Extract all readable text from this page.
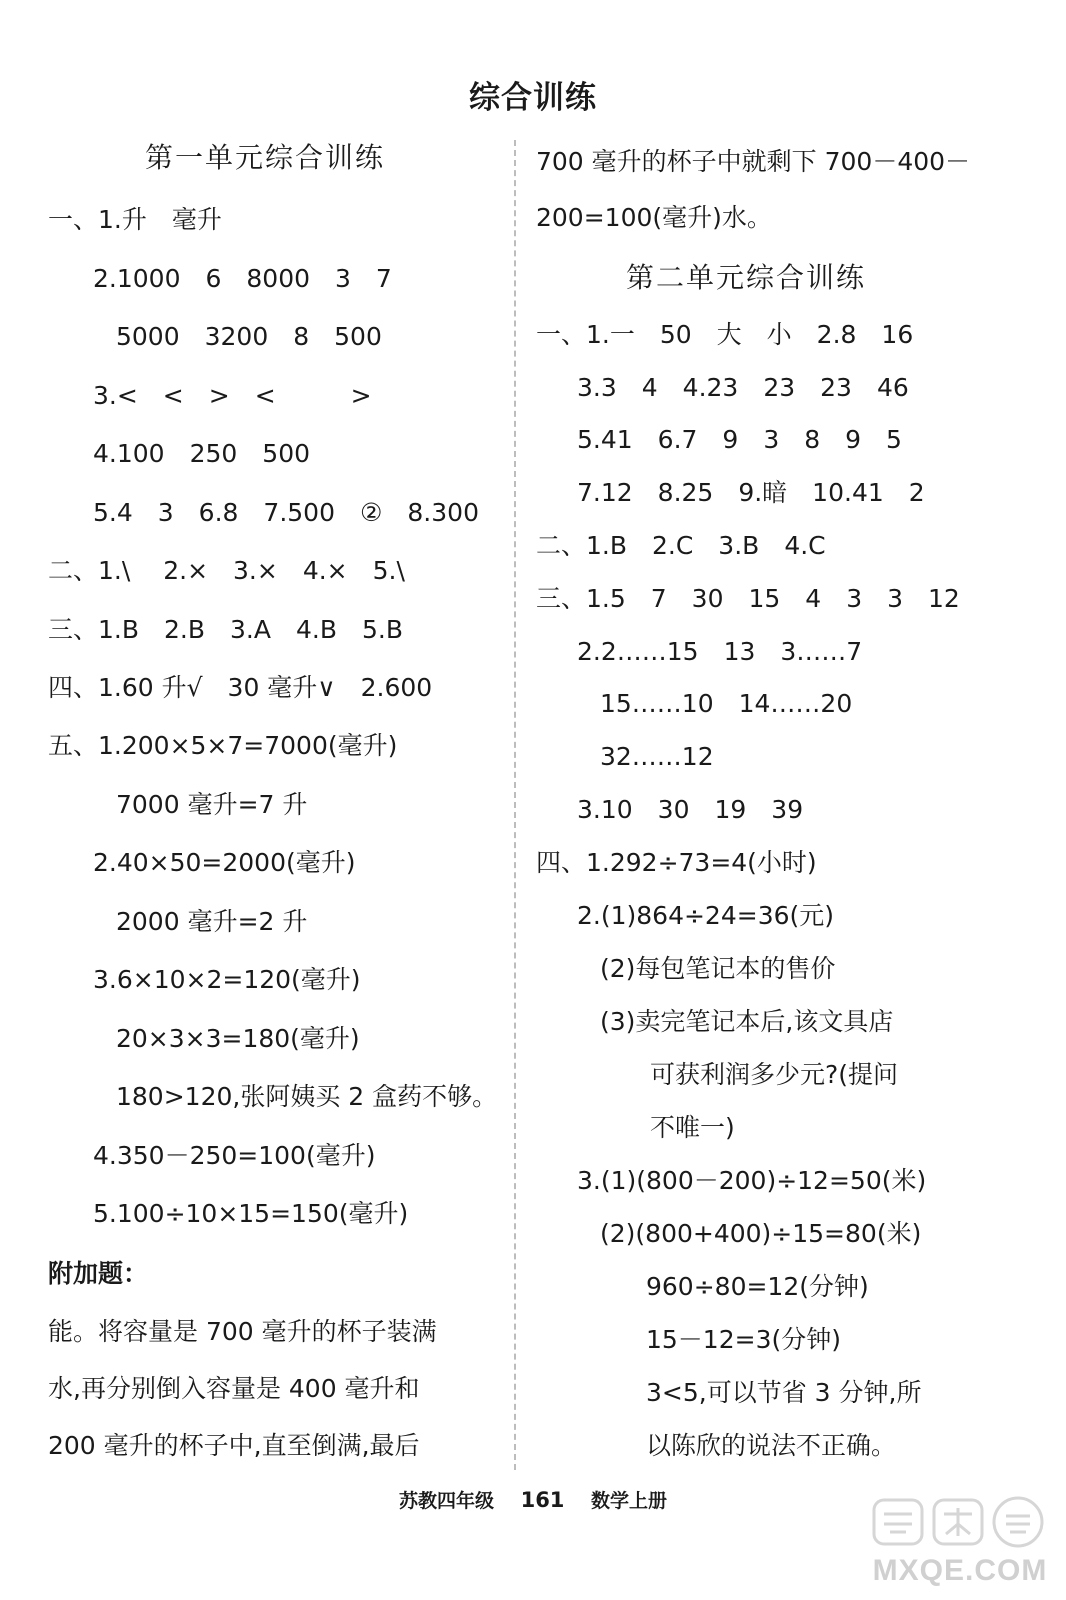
综合训练
第一单元综合训练
一、1.升　毫升
2.1000　6　8000　3　7
5000　3200　8　500
3.<　<　>　<　　　>
4.100　250　500
5.4　3　6.8　7.500　②　8.300
二、1.\　 2.×　3.×　4.×　5.\
三、1.B　2.B　3.A　4.B　5.B
四、1.60 升√　30 毫升∨　2.600
五、1.200×5×7=7000(毫升)
7000 毫升=7 升
2.40×50=2000(毫升)
2000 毫升=2 升
3.6×10×2=120(毫升)
20×3×3=180(毫升)
180>120,张阿姨买 2 盒药不够。
4.350－250=100(毫升)
5.100÷10×15=150(毫升)
附加题：
能。将容量是 700 毫升的杯子装满
水,再分别倒入容量是 400 毫升和
200 毫升的杯子中,直至倒满,最后
700 毫升的杯子中就剩下 700－400－
200=100(毫升)水。
第二单元综合训练
一、1.一　50　大　小　2.8　16
3.3　4　4.23　23　23　46
5.41　6.7　9　3　8　9　5
7.12　8.25　9.暗　10.41　2
二、1.B　2.C　3.B　4.C
三、1.5　7　30　15　4　3　3　12
2.2……15　13　3……7
15……10　14……20
32……12
3.10　30　19　39
四、1.292÷73=4(小时)
2.(1)864÷24=36(元)
(2)每包笔记本的售价
(3)卖完笔记本后,该文具店
可获利润多少元?(提问
不唯一)
3.(1)(800－200)÷12=50(米)
(2)(800+400)÷15=80(米)
960÷80=12(分钟)
15－12=3(分钟)
3<5,可以节省 3 分钟,所
以陈欣的说法不正确。
苏教四年级 161 数学上册
MXQE.COM
